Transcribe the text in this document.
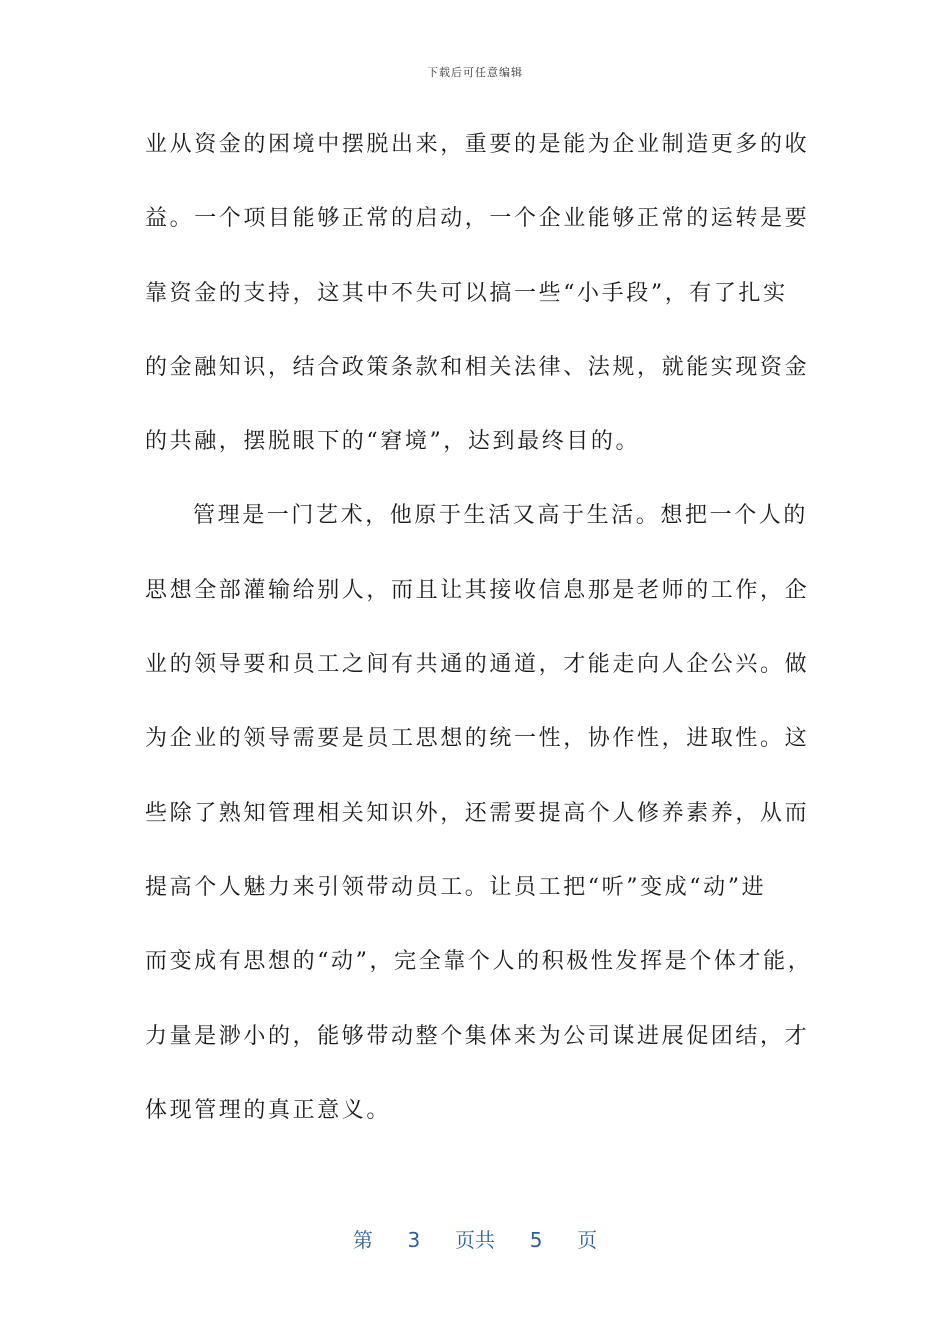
下载后可任意编辑
业从资金的困境中摆脱出来，重要的是能为企业制造更多的收
益。一个项目能够正常的启动，一个企业能够正常的运转是要
靠资金的支持，这其中不失可以搞一些“小手段”，有了扎实
的金融知识，结合政策条款和相关法律、法规，就能实现资金
的共融，摆脱眼下的“窘境”，达到最终目的。
管理是一门艺术，他原于生活又高于生活。想把一个人的
思想全部灌输给别人，而且让其接收信息那是老师的工作，企
业的领导要和员工之间有共通的通道，才能走向人企公兴。做
为企业的领导需要是员工思想的统一性，协作性，进取性。这
些除了熟知管理相关知识外，还需要提高个人修养素养，从而
提高个人魅力来引领带动员工。让员工把“听”变成“动”进
而变成有思想的“动”，完全靠个人的积极性发挥是个体才能，
力量是渺小的，能够带动整个集体来为公司谋进展促团结，才
体现管理的真正意义。
第 3 页共 5 页
